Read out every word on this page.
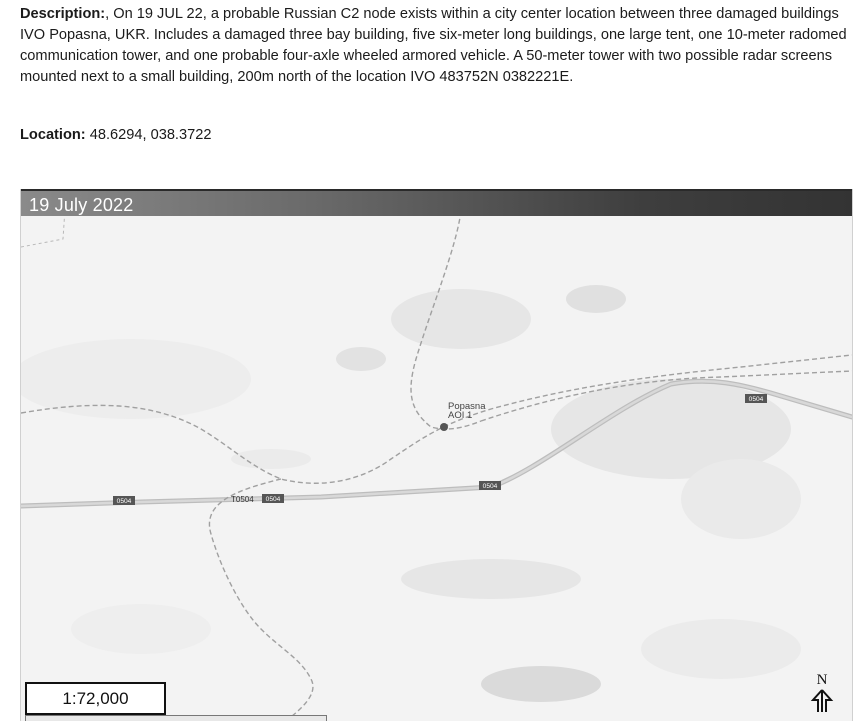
Description:, On 19 JUL 22, a probable Russian C2 node exists within a city center location between three damaged buildings IVO Popasna, UKR. Includes a damaged three bay building, five six-meter long buildings, one large tent, one 10-meter radomed communication tower, and one probable four-axle wheeled armored vehicle. A 50-meter tower with two possible radar screens mounted next to a small building, 200m north of the location IVO 483752N 0382221E.
Location: 48.6294, 038.3722
19 July 2022
0504	T0504 0504
0504
0504
Popasna
AOI 1
1:72,000
N
